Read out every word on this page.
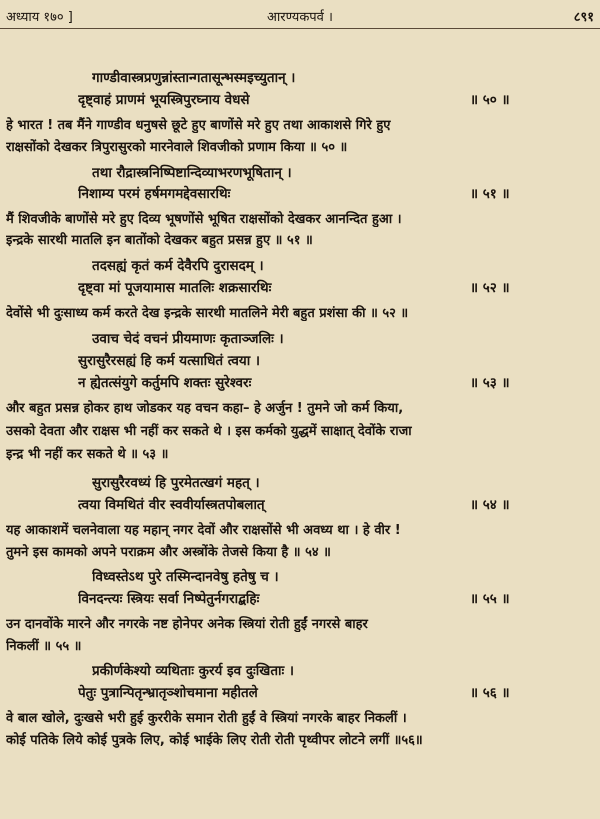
अध्याय १७० ]	आरण्यकपर्व ।	८९१
गाण्डीवास्त्रप्रणुन्नांस्तान्गतासून्भस्मइच्युतान् ।
दृष्ट्वाहं प्राणमं भूयस्त्रिपुरघ्नाय वेधसे	॥ ५० ॥
हे भारत ! तब मैंने गाण्डीव धनुषसे छूटे हुए बाणोंसे मरे हुए तथा आकाशसे गिरे हुए
राक्षसोंको देखकर त्रिपुरासुरको मारनेवाले शिवजीको प्रणाम किया ॥ ५० ॥
तथा रौद्रास्त्रनिष्पिष्टान्दिव्याभरणभूषितान् ।
निशाम्य परमं हर्षमगमद्देवसारथिः	॥ ५१ ॥
मैं शिवजीके बाणोंसे मरे हुए दिव्य भूषणोंसे भूषित राक्षसोंको देखकर आनन्दित हुआ ।
इन्द्रके सारथी मातलि इन बातोंको देखकर बहुत प्रसन्न हुए ॥ ५१ ॥
तदसह्यं कृतं कर्म देवैरपि दुरासदम् ।
दृष्ट्वा मां पूजयामास मातलिः शक्रसारथिः	॥ ५२ ॥
देवोंसे भी दुःसाध्य कर्म करते देख इन्द्रके सारथी मातलिने मेरी बहुत प्रशंसा की ॥ ५२ ॥
उवाच चेदं वचनं प्रीयमाणः कृताञ्जलिः ।
सुरासुरैरसह्यं हि कर्म यत्साधितं त्वया ।
न ह्येतत्संयुगे कर्तुमपि शक्तः सुरेश्वरः	॥ ५३ ॥
और बहुत प्रसन्न होकर हाथ जोडकर यह वचन कहा– हे अर्जुन ! तुमने जो कर्म किया,
उसको देवता और राक्षस भी नहीं कर सकते थे । इस कर्मको युद्धमें साक्षात् देवोंके राजा
इन्द्र भी नहीं कर सकते थे ॥ ५३ ॥
सुरासुरैरवध्यं हि पुरमेतत्खगं महत् ।
त्वया विमथितं वीर स्ववीर्यास्त्रतपोबलात्	॥ ५४ ॥
यह आकाशमें चलनेवाला यह महान् नगर देवों और राक्षसोंसे भी अवध्य था । हे वीर !
तुमने इस कामको अपने पराक्रम और अस्त्रोंके तेजसे किया है ॥ ५४ ॥
विध्वस्तेऽथ पुरे तस्मिन्दानवेषु हतेषु च ।
विनदन्त्यः स्त्रियः सर्वा निष्पेतुर्नगराद्बहिः	॥ ५५ ॥
उन दानवोंके मारने और नगरके नष्ट होनेपर अनेक स्त्रियां रोती हुईं नगरसे बाहर
निकलीं ॥ ५५ ॥
प्रकीर्णकेश्यो व्यथिताः कुरर्य इव दुःखिताः ।
पेतुः पुत्रान्पितृन्भ्रातृञ्शोचमाना महीतले	॥ ५६ ॥
वे बाल खोले, दुःखसे भरी हुई कुररीके समान रोती हुईं वे स्त्रियां नगरके बाहर निकलीं ।
कोई पतिके लिये कोई पुत्रके लिए, कोई भाईके लिए रोती रोती पृथ्वीपर लोटने लगीं ॥५६॥
